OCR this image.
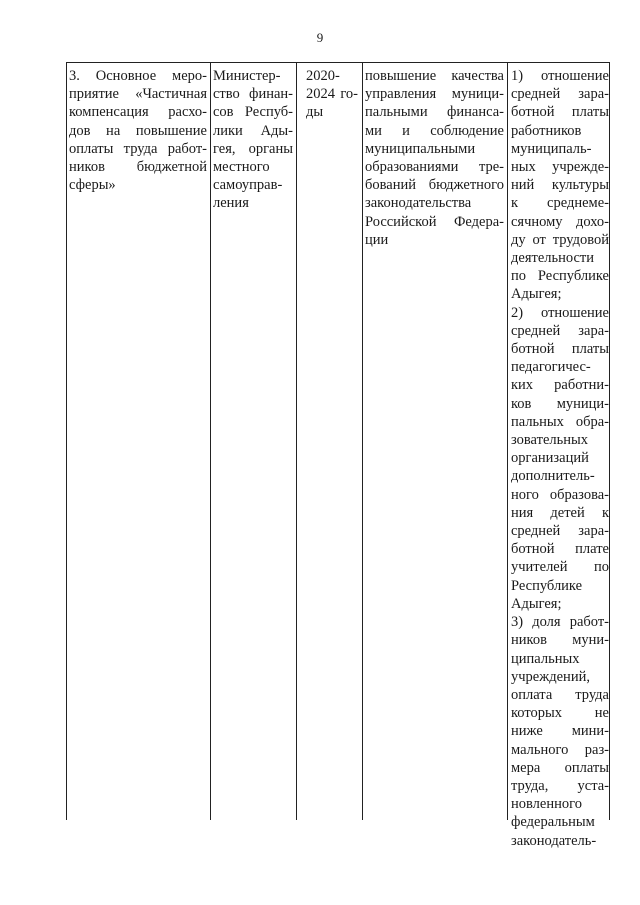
9
3. Основное меро-
приятие «Частичная
компенсация расхо-
дов на повышение
оплаты труда работ-
ников бюджетной
сферы»
Министер-
ство финан-
сов Респуб-
лики Ады-
гея, органы
местного
самоуправ-
ления
2020-
2024 го-
ды
повышение качества
управления муници-
пальными финанса-
ми и соблюдение
муниципальными
образованиями тре-
бований бюджетного
законодательства
Российской Федера-
ции
1) отношение
средней зара-
ботной платы
работников
муниципаль-
ных учрежде-
ний культуры
к среднеме-
сячному дохо-
ду от трудовой
деятельности
по Республике
Адыгея;
2) отношение
средней зара-
ботной платы
педагогичес-
ких работни-
ков муници-
пальных обра-
зовательных
организаций
дополнитель-
ного образова-
ния детей к
средней зара-
ботной плате
учителей по
Республике
Адыгея;
3) доля работ-
ников муни-
ципальных
учреждений,
оплата труда
которых не
ниже мини-
мального раз-
мера оплаты
труда, уста-
новленного
федеральным
законодатель-
